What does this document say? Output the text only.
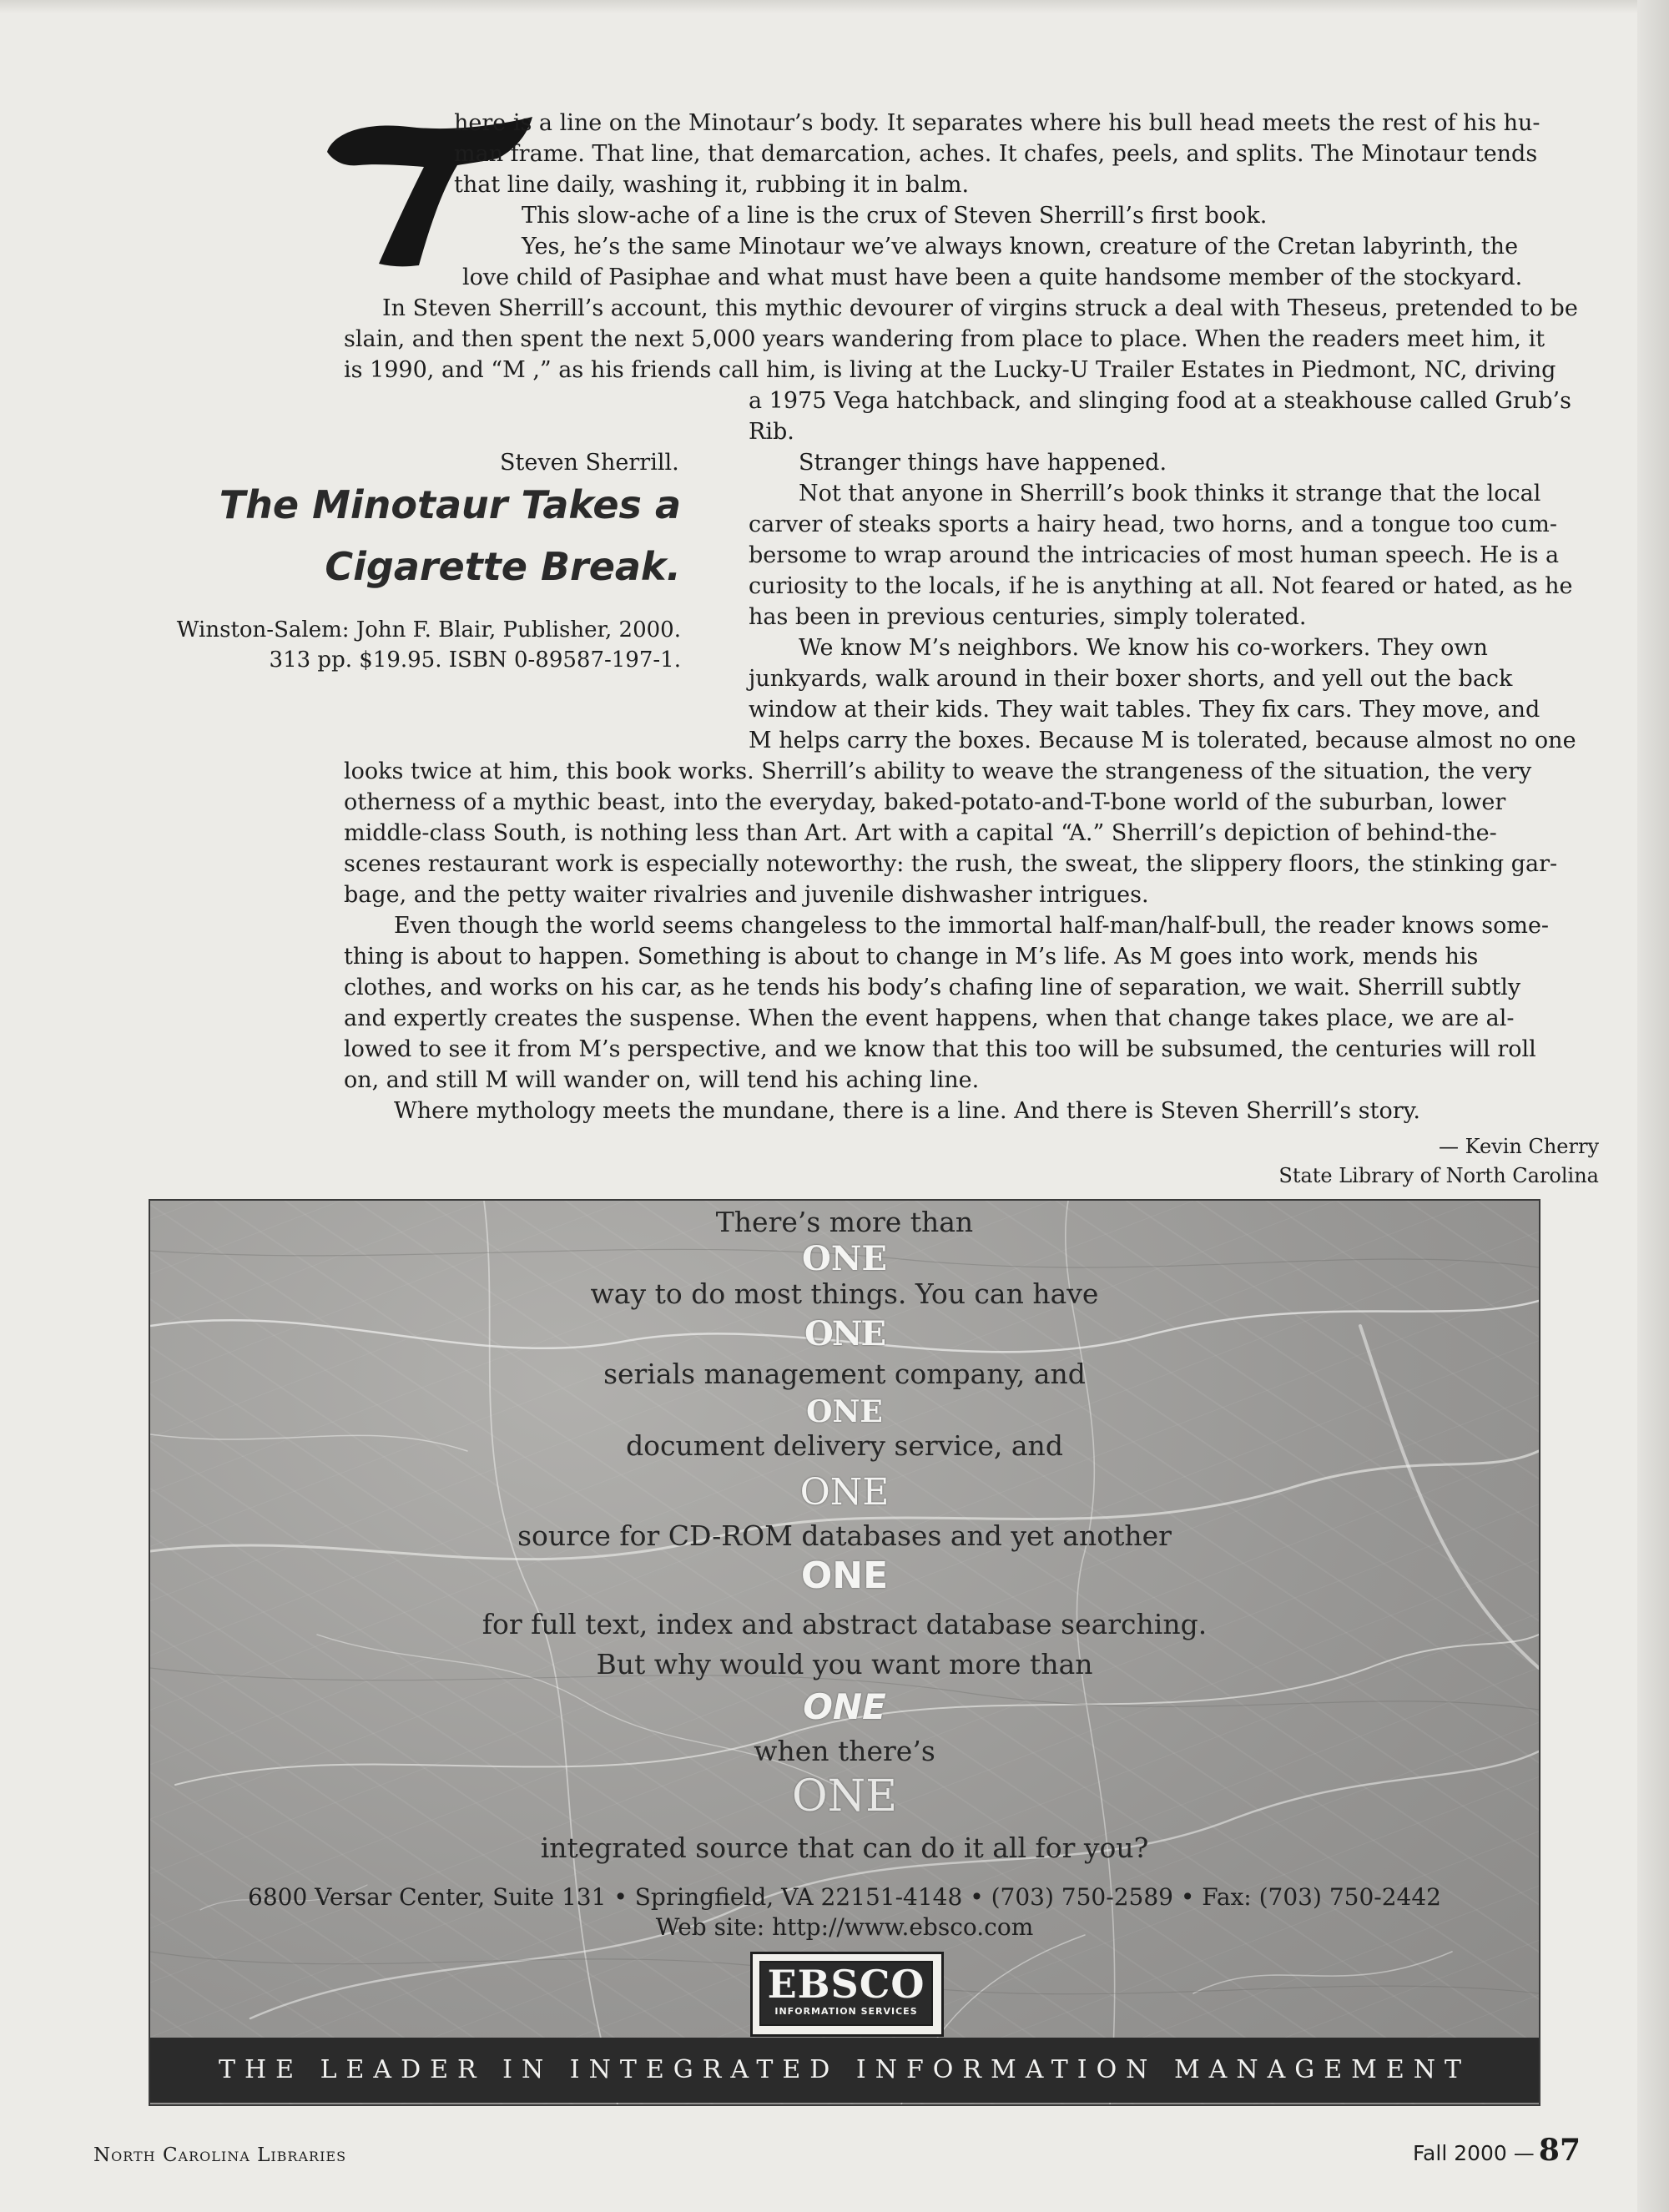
here is a line on the Minotaur’s body. It separates where his bull head meets the rest of his hu-
man frame. That line, that demarcation, aches. It chafes, peels, and splits. The Minotaur tends
that line daily, washing it, rubbing it in balm.
This slow-ache of a line is the crux of Steven Sherrill’s first book.
Yes, he’s the same Minotaur we’ve always known, creature of the Cretan labyrinth, the
love child of Pasiphae and what must have been a quite handsome member of the stockyard.
In Steven Sherrill’s account, this mythic devourer of virgins struck a deal with Theseus, pretended to be
slain, and then spent the next 5,000 years wandering from place to place. When the readers meet him, it
is 1990, and “M ,” as his friends call him, is living at the Lucky-U Trailer Estates in Piedmont, NC, driving
a 1975 Vega hatchback, and slinging food at a steakhouse called Grub’s
Rib.
Steven Sherrill.	Stranger things have happened.
Not that anyone in Sherrill’s book thinks it strange that the local
carver of steaks sports a hairy head, two horns, and a tongue too cum-
bersome to wrap around the intricacies of most human speech. He is a
curiosity to the locals, if he is anything at all. Not feared or hated, as he
has been in previous centuries, simply tolerated.
We know M’s neighbors. We know his co-workers. They own
junkyards, walk around in their boxer shorts, and yell out the back
window at their kids. They wait tables. They fix cars. They move, and
M helps carry the boxes. Because M is tolerated, because almost no one
The Minotaur Takes a
Cigarette Break.
Winston-Salem: John F. Blair, Publisher, 2000.
313 pp. $19.95. ISBN 0-89587-197-1.
looks twice at him, this book works. Sherrill’s ability to weave the strangeness of the situation, the very
otherness of a mythic beast, into the everyday, baked-potato-and-T-bone world of the suburban, lower
middle-class South, is nothing less than Art. Art with a capital “A.” Sherrill’s depiction of behind-the-
scenes restaurant work is especially noteworthy: the rush, the sweat, the slippery floors, the stinking gar-
bage, and the petty waiter rivalries and juvenile dishwasher intrigues.
Even though the world seems changeless to the immortal half-man/half-bull, the reader knows some-
thing is about to happen. Something is about to change in M’s life. As M goes into work, mends his
clothes, and works on his car, as he tends his body’s chafing line of separation, we wait. Sherrill subtly
and expertly creates the suspense. When the event happens, when that change takes place, we are al-
lowed to see it from M’s perspective, and we know that this too will be subsumed, the centuries will roll
on, and still M will wander on, will tend his aching line.
Where mythology meets the mundane, there is a line. And there is Steven Sherrill’s story.
— Kevin Cherry
State Library of North Carolina
There’s more than
ONE
way to do most things. You can have
ONE
serials management company, and
ONE
document delivery service, and
ONE
source for CD-ROM databases and yet another
ONE
for full text, index and abstract database searching.
But why would you want more than
ONE
when there’s
ONE
integrated source that can do it all for you?
6800 Versar Center, Suite 131 • Springfield, VA 22151-4148 • (703) 750-2589 • Fax: (703) 750-2442
Web site: http://www.ebsco.com
EBSCO
INFORMATION SERVICES
THE LEADER IN INTEGRATED INFORMATION MANAGEMENT
North Carolina Libraries	Fall 2000 — 87
